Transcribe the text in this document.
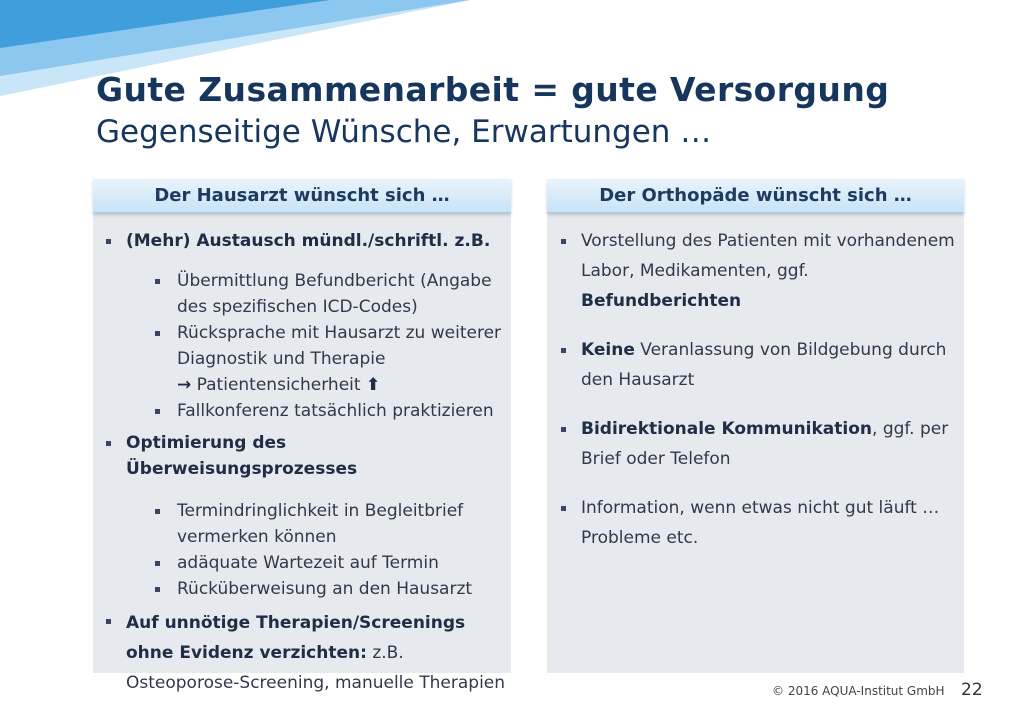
Gute Zusammenarbeit = gute Versorgung
Gegenseitige Wünsche, Erwartungen …
Der Hausarzt wünscht sich …
(Mehr) Austausch mündl./schriftl. z.B.
Übermittlung Befundbericht (Angabe des spezifischen ICD-Codes)
Rücksprache mit Hausarzt zu weiterer Diagnostik und Therapie
→ Patientensicherheit ⬆
Fallkonferenz tatsächlich praktizieren
Optimierung des Überweisungsprozesses
Termindringlichkeit in Begleitbrief vermerken können
adäquate Wartezeit auf Termin
Rücküberweisung an den Hausarzt
Auf unnötige Therapien/Screenings ohne Evidenz verzichten: z.B. Osteoporose-Screening, manuelle Therapien
Der Orthopäde wünscht sich …
Vorstellung des Patienten mit vorhandenem Labor, Medikamenten, ggf. Befundberichten
Keine Veranlassung von Bildgebung durch den Hausarzt
Bidirektionale Kommunikation, ggf. per Brief oder Telefon
Information, wenn etwas nicht gut läuft … Probleme etc.
© 2016 AQUA-Institut GmbH 22
